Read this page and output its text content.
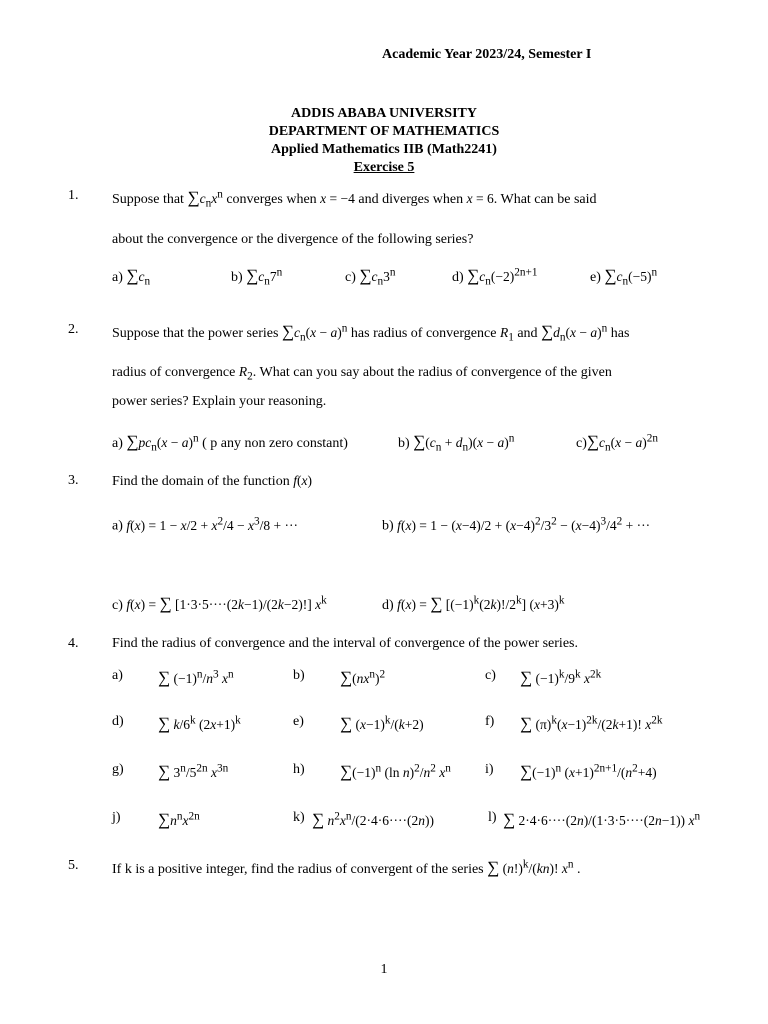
Academic Year 2023/24, Semester I
ADDIS ABABA UNIVERSITY
DEPARTMENT OF MATHEMATICS
Applied Mathematics IIB (Math2241)
Exercise 5
1. Suppose that $\sum c_nx^n$ converges when x = −4 and diverges when x = 6. What can be said
about the convergence or the divergence of the following series?
a) $\sum c_n$	b) $\sum c_n7^n$	c) $\sum c_n3^n$	d) $\sum c_n(-2)^{2n+1}$	e) $\sum c_n(-5)^n$
2. Suppose that the power series $\sum c_n(x - a)^n$ has radius of convergence $R_1$ and $\sum d_n(x - a)^n$ has
radius of convergence $R_2$. What can you say about the radius of convergence of the given
power series? Explain your reasoning.
a) $\sum pc_n(x - a)^n$ ( p any non zero constant)	b) $\sum(c_n + d_n)(x - a)^n$	$c)\sum c_n(x - a)^{2n}$
3. Find the domain of the function f(x)
a) $f(x) = 1 - x/2 + x^2/4 - x^3/8$ + ···	b) $f(x) = 1 - (x-4)/2 + (x-4)^2/3^2 - (x-4)^3/4^2$ + ···
c) f(x) = ∑ [1·3·5····(2k−1)/(2k−2)!] $x^k$	d) f(x) = ∑ $[(-1)^k(2k)!/2^k]$ $(x+3)^k$
4. Find the radius of convergence and the interval of convergence of the power series.
a) ∑ $(-1)^n/n^3$ $x^n$	b) $\sum(nx^n)^2$	c) ∑ $(-1)^k/9^k$ $x^{2k}$
d) ∑ k/6$^k$ $(2x+1)^k$	e) ∑ $(x-1)^k/(k+2)$	f) ∑ $(\pi)^k(x-1)^{2k}/(2k+1)$! $x^{2k}$
g) ∑ $3^n/5^{2n}$ $x^{3n}$	h) $\sum(-1)^n$ (ln $n)^2/n^2$ $x^n$ i) $\sum(-1)^n$ $(x+1)^{2n+1}/(n^2+4)$
j) $\sum n^nx^{2n}$	k) ∑ $n^2x^n/(2\cdot 4\cdot 6\cdot\cdot\cdot\cdot(2n))$	l) ∑ 2·4·6····(2n)/(1·3·5····(2n−1)) $x^n$
5. If k is a positive integer, find the radius of convergent of the series ∑ $(n!)^k/(kn)$! $x^n$ .
1
